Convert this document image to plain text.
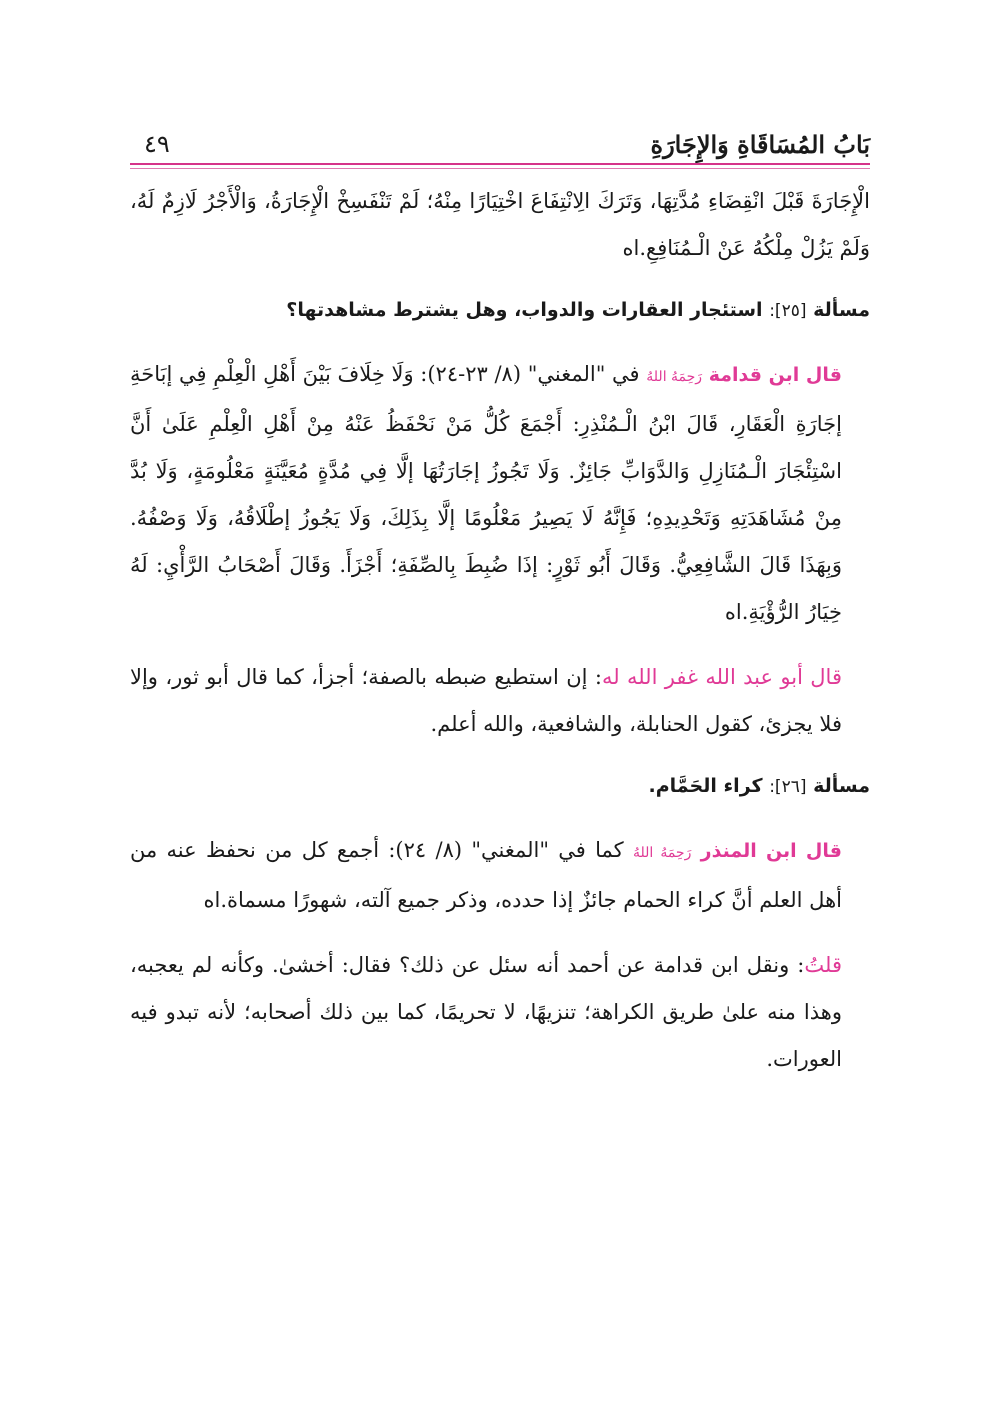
بَابُ المُسَاقَاةِ وَالإِجَارَةِ
٤٩

الْإِجَارَةَ قَبْلَ انْقِضَاءِ مُدَّتِهَا، وَتَرَكَ الِانْتِفَاعَ اخْتِيَارًا مِنْهُ؛ لَمْ تَنْفَسِخْ الْإِجَارَةُ، وَالْأَجْرُ لَازِمٌ لَهُ، وَلَمْ يَزُلْ مِلْكُهُ عَنْ الْـمُنَافِعِ.اه

مسألة [٢٥]: استئجار العقارات والدواب، وهل يشترط مشاهدتها؟

قال ابن قدامة رَحِمَهُ اللهُ في "المغني" (٨/ ٢٣-٢٤): وَلَا خِلَافَ بَيْنَ أَهْلِ الْعِلْمِ فِي إبَاحَةِ إجَارَةِ الْعَقَارِ، قَالَ ابْنُ الْـمُنْذِرِ: أَجْمَعَ كُلُّ مَنْ نَحْفَظُ عَنْهُ مِنْ أَهْلِ الْعِلْمِ عَلَىٰ أَنَّ اسْتِئْجَارَ الْـمُنَازِلِ وَالدَّوَابِّ جَائِزٌ. وَلَا تَجُوزُ إجَارَتُهَا إلَّا فِي مُدَّةٍ مُعَيَّنَةٍ مَعْلُومَةٍ، وَلَا بُدَّ مِنْ مُشَاهَدَتِهِ وَتَحْدِيدِهِ؛ فَإِنَّهُ لَا يَصِيرُ مَعْلُومًا إلَّا بِذَلِكَ، وَلَا يَجُوزُ إطْلَاقُهُ، وَلَا وَصْفُهُ. وَبِهَذَا قَالَ الشَّافِعِيُّ. وَقَالَ أَبُو ثَوْرٍ: إذَا ضُبِطَ بِالصِّفَةِ؛ أَجْزَأَ. وَقَالَ أَصْحَابُ الرَّأْيِ: لَهُ خِيَارُ الرُّؤْيَةِ.اه

قال أبو عبد الله غفر الله له: إن استطيع ضبطه بالصفة؛ أجزأ، كما قال أبو ثور، وإلا فلا يجزئ، كقول الحنابلة، والشافعية، والله أعلم.

مسألة [٢٦]: كراء الحَمَّام.

قال ابن المنذر رَحِمَهُ اللهُ كما في "المغني" (٨/ ٢٤): أجمع كل من نحفظ عنه من أهل العلم أنَّ كراء الحمام جائزٌ إذا حدده، وذكر جميع آلته، شهورًا مسماة.اه

قلتُ: ونقل ابن قدامة عن أحمد أنه سئل عن ذلك؟ فقال: أخشىٰ. وكأنه لم يعجبه، وهذا منه علىٰ طريق الكراهة؛ تنزيهًا، لا تحريمًا، كما بين ذلك أصحابه؛ لأنه تبدو فيه العورات.
